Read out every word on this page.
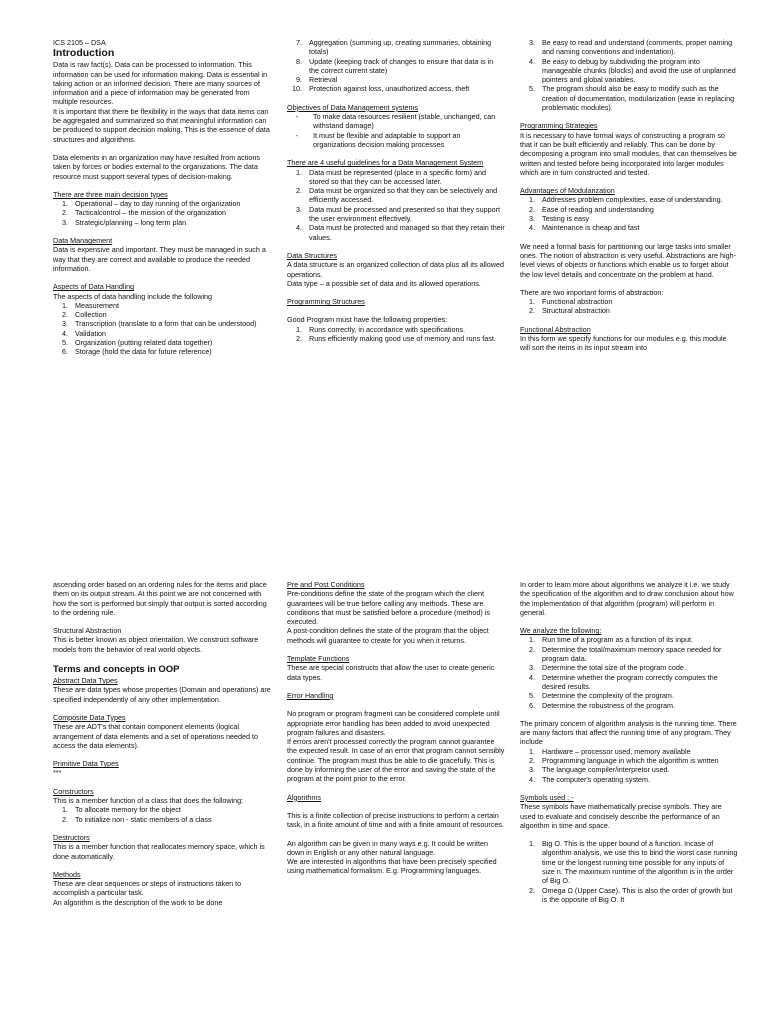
ICS 2105 – DSA

Introduction

Data is raw fact(s). Data can be processed to information. This information can be used for information making. Data is essential in taking action or an informed decision. There are many sources of information and a piece of information may be generated from multiple resources.

It is important that there be flexibility in the ways that data items can be aggregated and summarized so that meaningful information can be produced to support decision making. This is the essence of data structures and algorithms.

Data elements in an organization may have resulted from actions taken by forces or bodies external to the organizations. The data resource must support several types of decision-making.

There are three main decision types

1. Operational – day to day running of the organization
2. Tacticalcontrol – the mission of the organization
3. Strategic/planning – long term plan

Data Management

Data is expensive and important. They must be managed in such a way that they are correct and available to produce the needed information.

Aspects of Data Handling

The aspects of data handling include the following

1. Measurement
2. Collection
3. Transcription (translate to a form that can be understood)
4. Validation
5. Organization (putting related data together)
6. Storage (hold the data for future reference)
7. Aggregation (summing up, creating summaries, obtaining totals)
8. Update (keeping track of changes to ensure that data is in the correct current state)
9. Retrieval
10. Protection against loss, unauthorized access, theft

Objectives of Data Management systems

-	To make data resources resilient (stable, unchanged, can withstand damage)
-	It must be flexible and adaptable to support an organizations decision making processes

There are 4 useful guidelines for a Data Management System

1. Data must be represented (place in a specific form) and stored so that they can be accessed later.
2. Data must be organized so that they can be selectively and efficiently accessed.
3. Data must be processed and presented so that they support the user environment effectively.
4. Data must be protected and managed so that they retain their values.

Data Structures

A data structure is an organized collection of data plus all its allowed operations.

Data type – a possible set of data and its allowed operations.

Programming Structures

Good Program must have the following properties:

1. Runs correctly, in accordance with specifications.
2. Runs efficiently making good use of memory and runs fast.
3. Be easy to read and understand (comments, proper naming and naming conventions and indentation).
4. Be easy to debug by subdividing the program into manageable chunks (blocks) and avoid the use of unplanned pointers and global variables.
5. The program should also be easy to modify such as the creation of documentation, modularization (ease in replacing problematic modules).

Programming Strategies

It is necessary to have formal ways of constructing a program so that it can be built efficiently and reliably. This can be done by decomposing a program into small modules, that can themselves be written and tested before being incorporated into larger modules which are in turn constructed and tested.

Advantages of Modularization

1. Addresses problem complexities, ease of understanding.
2. Ease of reading and understanding
3. Testing is easy
4. Maintenance is cheap and fast

We need a formal basis for partitioning our large tasks into smaller ones. The notion of abstraction is very useful. Abstractions are high-level views of objects or functions which enable us to forget about the low level details and concentrate on the problem at hand.

There are two important forms of abstraction:

1. Functional abstraction
2. Structural abstraction

Functional Abstraction

In this form we specify functions for our modules e.g. this module will sort the items in its input stream into

ascending order based on an ordering rules for the items and place them on its output stream. At this point we are not concerned with how the sort is performed but simply that output is sorted according to the ordering rule.

Structural Abstraction

This is better known as object orientation. We construct software models from the behavior of real world objects.

Terms and concepts in OOP

Abstract Data Types

These are data types whose properties (Domain and operations) are specified independently of any other implementation.

Composite Data Types

These are ADT's that contain component elements (logical arrangement of data elements and a set of operations needed to access the data elements).

Primitive Data Types

***

Constructors

This is a member function of a class that does the following:

1. To allocate memory for the object
2. To initialize non - static members of a class

Destructors

This is a member function that reallocates memory space, which is done automatically.

Methods

These are clear sequences or steps of instructions taken to accomplish a particular task.

An algorithm is the description of the work to be done

Pre and Post Conditions

Pre-conditions define the state of the program which the client guarantees will be true before calling any methods. These are conditions that must be satisfied before a procedure (method) is executed.

A post-condition defines the state of the program that the object methods will guarantee to create for you when it returns.

Template Functions

These are special constructs that allow the user to create generic data types.

Error Handling

No program or program fragment can be considered complete until appropriate error handling has been added to avoid unexpected program failures and disasters.

If errors aren't processed correctly the program cannot guarantee the expected result. In case of an error that program cannot sensibly continue. The program must thus be able to die gracefully. This is done by informing the user of the error and saving the state of the program at the point prior to the error.

Algorithms

This is a finite collection of precise instructions to perform a certain task, in a finite amount of time and with a finite amount of resources.

An algorithm can be given in many ways e.g. It could be written down in English or any other natural language.

We are interested in algorithms that have been precisely specified using mathematical formalism. E.g. Programming languages.

In order to learn more about algorithms we analyze it i.e. we study the specification of the algorithm and to draw conclusion about how the implementation of that algorithm (program) will perform in general.

We analyze the following:

1. Run time of a program as a function of its input.
2. Determine the total/maximum memory space needed for program data.
3. Determine the total size of the program code.
4. Determine whether the program correctly computes the desired results.
5. Determine the complexity of the program.
6. Determine the robustness of the program.

The primary concern of algorithm analysis is the running time. There are many factors that affect the running time of any program. They include

1. Hardware – processor used, memory available
2. Programming language in which the algorithm is written
3. The language compiler/interpretor used.
4. The computer's operating system.

Symbols used : -

These symbols have mathematically precise symbols. They are used to evaluate and concisely describe the performance of an algorithm in time and space.

1. Big O. This is the upper bound of a function. Incase of algorithm analysis, we use this to bind the worst case running time or the longest running time possible for any inputs of size n. The maximum runtime of the algorithm is in the order of Big O.
2. Omega Ω (Upper Case). This is also the order of growth but is the opposite of Big O. It
